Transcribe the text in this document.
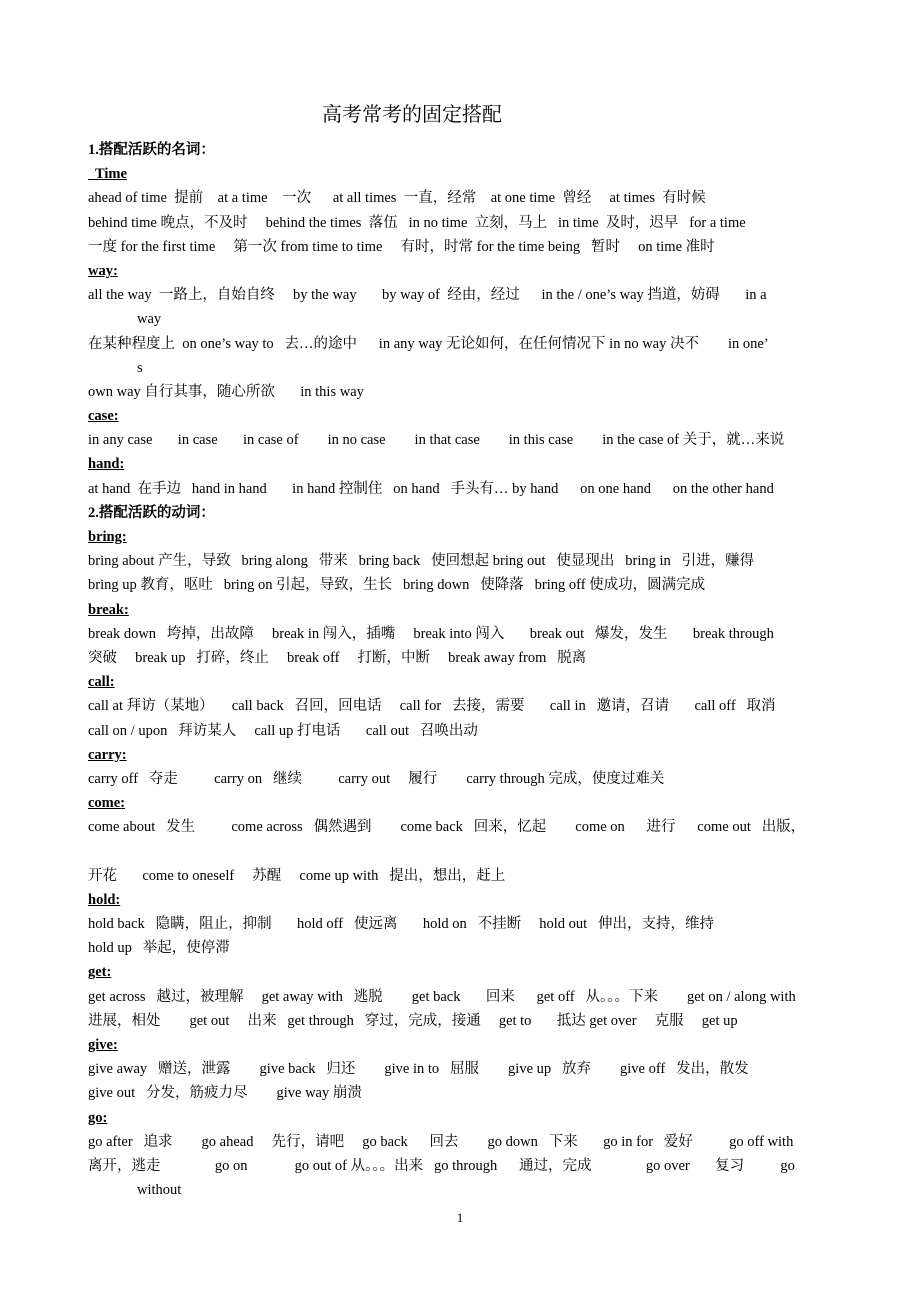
高考常考的固定搭配
1.搭配活跃的名词：
Time
ahead of time  提前    at a time    一次      at all times  一直，经常    at one time  曾经     at times  有时候
behind time 晚点，不及时     behind the times  落伍   in no time  立刻，马上   in time  及时，迟早   for a time
一度 for the first time     第一次 from time to time     有时，时常 for the time being   暂时     on time 准时
way:
all the way  一路上，自始自终     by the way       by way of  经由，经过      in the / one’s way 挡道，妨碍       in a
way
在某种程度上  on one’s way to   去…的途中      in any way 无论如何，在任何情况下 in no way 决不        in one’
s
own way 自行其事，随心所欲       in this way
case:
in any case       in case       in case of        in no case        in that case        in this case        in the case of 关于，就…来说
hand:
at hand  在手边   hand in hand       in hand 控制住   on hand   手头有… by hand      on one hand      on the other hand
2.搭配活跃的动词：
bring:
bring about 产生，导致   bring along   带来   bring back   使回想起 bring out   使显现出   bring in   引进，赚得
bring up 教育，呕吐   bring on 引起，导致，生长   bring down   使降落   bring off 使成功，圆满完成
break:
break down   垮掉，出故障     break in 闯入，插嘴     break into 闯入       break out   爆发，发生       break through
突破     break up   打碎，终止     break off     打断，中断     break away from   脱离
call:
call at 拜访（某地）     call back   召回，回电话     call for   去接，需要       call in   邀请，召请       call off   取消
call on / upon   拜访某人     call up 打电话       call out   召唤出动
carry:
carry off   夺走          carry on   继续          carry out     履行        carry through 完成，使度过难关
come:
come about   发生          come across   偶然遇到        come back   回来，忆起        come on      进行      come out   出版，
开花       come to oneself     苏醒     come up with   提出，想出，赶上
hold:
hold back   隐瞒，阻止，抑制       hold off   使远离       hold on   不挂断     hold out   伸出，支持，维持
hold up   举起，使停滞
get:
get across   越过，被理解     get away with   逃脱        get back       回来      get off   从。。。下来        get on / along with
进展，相处        get out     出来   get through   穿过，完成，接通     get to       抵达 get over     克服     get up
give:
give away   赠送，泄露        give back   归还        give in to   屈服        give up   放弃        give off   发出，散发
give out   分发，筋疲力尽        give way 崩溃
go:
go after   追求        go ahead     先行，请吧     go back      回去        go down   下来       go in for   爱好          go off with
离开，逃走               go on             go out of 从。。。出来   go through      通过，完成               go over       复习          go
without
1
